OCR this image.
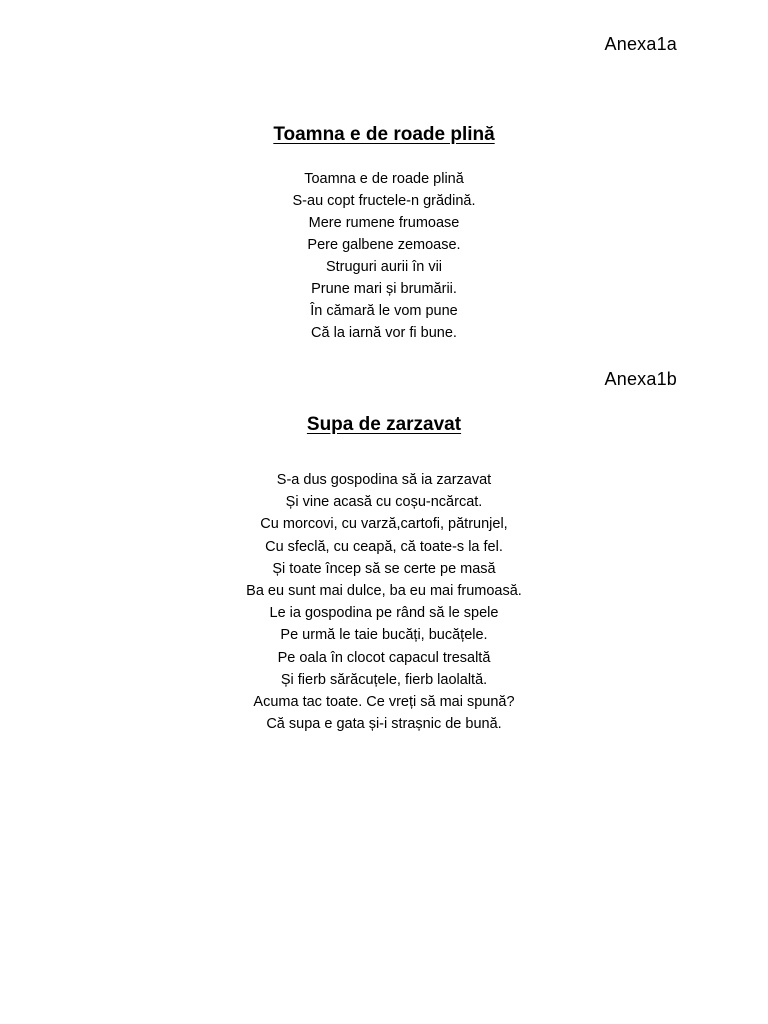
Anexa1a
Toamna e de roade plină
Toamna e de roade plină
S-au copt fructele-n grădină.
Mere rumene frumoase
Pere galbene zemoase.
Struguri aurii în vii
Prune mari și brumării.
În cămară le vom pune
Că la iarnă vor fi bune.
Anexa1b
Supa de zarzavat
S-a dus gospodina să ia zarzavat
Și vine acasă cu coșu-ncărcat.
Cu morcovi, cu varză,cartofi, pătrunjel,
Cu sfeclă, cu ceapă, că toate-s la fel.
Și toate încep să se certe pe masă
Ba eu sunt mai dulce, ba eu mai frumoasă.
Le ia gospodina pe rând să le spele
Pe urmă le taie bucăți, bucățele.
Pe oala în clocot capacul tresaltă
Și fierb sărăcuțele, fierb laolaltă.
Acuma tac toate. Ce vreți să mai spună?
Că supa e gata și-i strașnic de bună.
